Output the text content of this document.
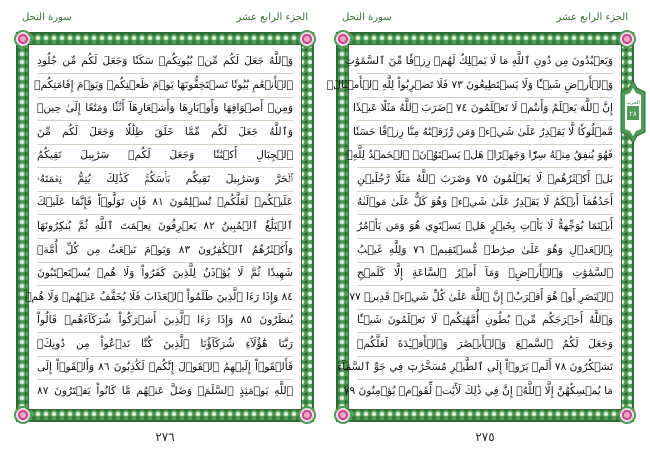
الجزء الرابع عشر
سورة النحل
وَٱللَّهُ جَعَلَ لَكُم مِّنۢ بُيُوتِكُمۡ سَكَنٗا وَجَعَلَ لَكُم مِّن جُلُودِ
ٱلۡأَنۡعَٰمِ بُيُوتٗا تَسۡتَخِفُّونَهَا يَوۡمَ ظَعۡنِكُمۡ وَيَوۡمَ إِقَامَتِكُمۡ
وَمِنۡ أَصۡوَافِهَا وَأَوۡبَارِهَا وَأَشۡعَارِهَآ أَثَٰثٗا وَمَتَٰعًا إِلَىٰ حِينٖ
وَٱللَّهُ جَعَلَ لَكُم مِّمَّا خَلَقَ ظِلَٰلٗا وَجَعَلَ لَكُم مِّنَ
ٱلۡجِبَالِ أَكۡنَٰنٗا وَجَعَلَ لَكُمۡ سَرَٰبِيلَ تَقِيكُمُ
ٱلۡحَرَّ وَسَرَٰبِيلَ تَقِيكُم بَأۡسَكُمۡۚ كَذَٰلِكَ يُتِمُّ نِعۡمَتَهُۥ
عَلَيۡكُمۡ لَعَلَّكُمۡ تُسۡلِمُونَ ٨١ فَإِن تَوَلَّوۡاْ فَإِنَّمَا عَلَيۡكَ
ٱلۡبَلَٰغُ ٱلۡمُبِينُ ٨٢ يَعۡرِفُونَ نِعۡمَتَ ٱللَّهِ ثُمَّ يُنكِرُونَهَا
وَأَكۡثَرُهُمُ ٱلۡكَٰفِرُونَ ٨٣ وَيَوۡمَ نَبۡعَثُ مِن كُلِّ أُمَّةٖ
شَهِيدٗا ثُمَّ لَا يُؤۡذَنُ لِلَّذِينَ كَفَرُواْ وَلَا هُمۡ يُسۡتَعۡتَبُونَ
٨٤ وَإِذَا رَءَا ٱلَّذِينَ ظَلَمُواْ ٱلۡعَذَابَ فَلَا يُخَفَّفُ عَنۡهُمۡ وَلَا هُمۡ
يُنظَرُونَ ٨٥ وَإِذَا رَءَا ٱلَّذِينَ أَشۡرَكُواْ شُرَكَآءَهُمۡ قَالُواْ
رَبَّنَا هَٰٓؤُلَآءِ شُرَكَآؤُنَا ٱلَّذِينَ كُنَّا نَدۡعُواْ مِن دُونِكَۖ
فَأَلۡقَوۡاْ إِلَيۡهِمُ ٱلۡقَوۡلَ إِنَّكُمۡ لَكَٰذِبُونَ ٨٦ وَأَلۡقَوۡاْ إِلَى
ٱللَّهِ يَوۡمَئِذٍ ٱلسَّلَمَۖ وَضَلَّ عَنۡهُم مَّا كَانُواْ يَفۡتَرُونَ ٨٧
٢٧٦
الجزء الرابع عشر
سورة النحل
وَيَعۡبُدُونَ مِن دُونِ ٱللَّهِ مَا لَا يَمۡلِكُ لَهُمۡ رِزۡقٗا مِّنَ ٱلسَّمَٰوَٰتِ
وَٱلۡأَرۡضِ شَيۡـٔٗا وَلَا يَسۡتَطِيعُونَ ٧٣ فَلَا تَضۡرِبُواْ لِلَّهِ ٱلۡأَمۡثَالَۚ
إِنَّ ٱللَّهَ يَعۡلَمُ وَأَنتُمۡ لَا تَعۡلَمُونَ ٧٤ ۞ضَرَبَ ٱللَّهُ مَثَلًا عَبۡدٗا
مَّمۡلُوكٗا لَّا يَقۡدِرُ عَلَىٰ شَيۡءٖ وَمَن رَّزَقۡنَٰهُ مِنَّا رِزۡقًا حَسَنٗا
فَهُوَ يُنفِقُ مِنۡهُ سِرّٗا وَجَهۡرًاۖ هَلۡ يَسۡتَوُۥنَۚ ٱلۡحَمۡدُ لِلَّهِۚ
بَلۡ أَكۡثَرُهُمۡ لَا يَعۡلَمُونَ ٧٥ وَضَرَبَ ٱللَّهُ مَثَلٗا رَّجُلَيۡنِ
أَحَدُهُمَآ أَبۡكَمُ لَا يَقۡدِرُ عَلَىٰ شَيۡءٖ وَهُوَ كَلٌّ عَلَىٰ مَوۡلَىٰهُ
أَيۡنَمَا يُوَجِّههُّ لَا يَأۡتِ بِخَيۡرٍ هَلۡ يَسۡتَوِي هُوَ وَمَن يَأۡمُرُ
بِٱلۡعَدۡلِ وَهُوَ عَلَىٰ صِرَٰطٖ مُّسۡتَقِيمٖ ٧٦ وَلِلَّهِ غَيۡبُ
ٱلسَّمَٰوَٰتِ وَٱلۡأَرۡضِۚ وَمَآ أَمۡرُ ٱلسَّاعَةِ إِلَّا كَلَمۡحِ
ٱلۡبَصَرِ أَوۡ هُوَ أَقۡرَبُۚ إِنَّ ٱللَّهَ عَلَىٰ كُلِّ شَيۡءٖ قَدِيرٞ ٧٧
وَٱللَّهُ أَخۡرَجَكُم مِّنۢ بُطُونِ أُمَّهَٰتِكُمۡ لَا تَعۡلَمُونَ شَيۡـٔٗا
وَجَعَلَ لَكُمُ ٱلسَّمۡعَ وَٱلۡأَبۡصَٰرَ وَٱلۡأَفۡـِٔدَةَ لَعَلَّكُمۡ
تَشۡكُرُونَ ٧٨ أَلَمۡ يَرَوۡاْ إِلَى ٱلطَّيۡرِ مُسَخَّرَٰتٖ فِي جَوِّ ٱلسَّمَآءِ
مَا يُمۡسِكُهُنَّ إِلَّا ٱللَّهُۚ إِنَّ فِي ذَٰلِكَ لَأٓيَٰتٖ لِّقَوۡمٖ يُؤۡمِنُونَ ٧٩
٢٧٥
الحزب
٢٨
